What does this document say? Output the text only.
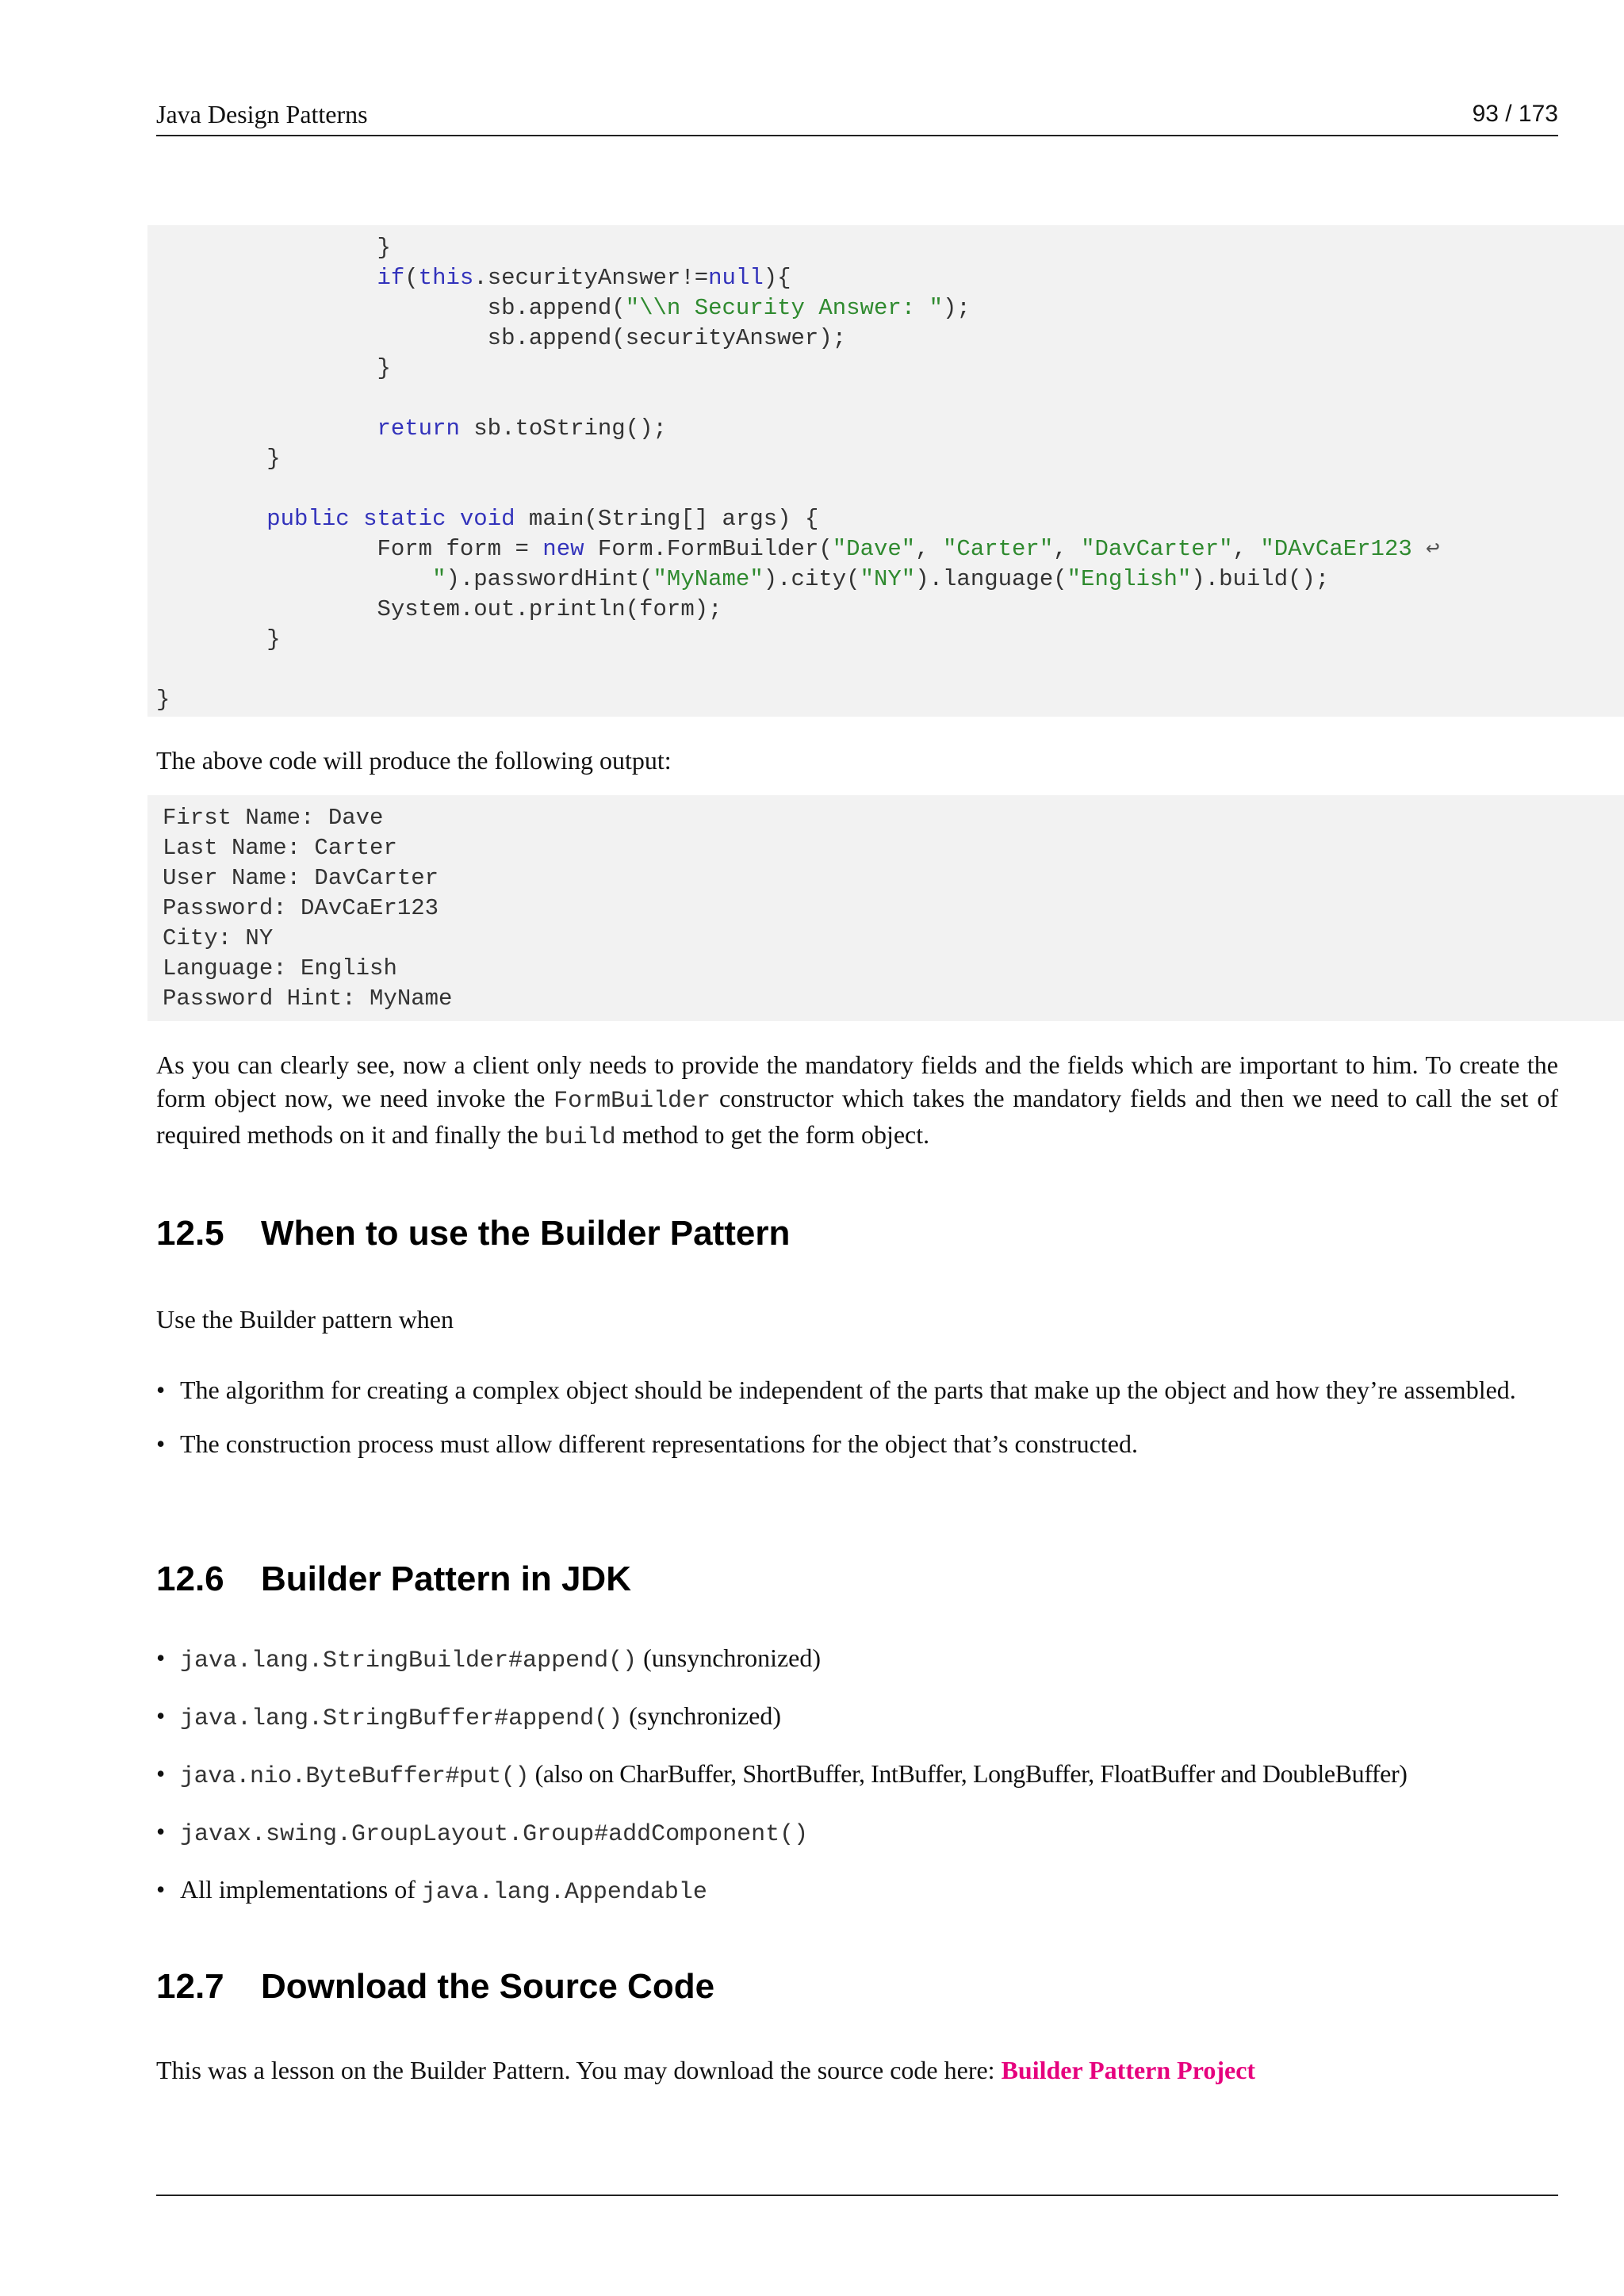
Java Design Patterns	93 / 173
}
if(this.securityAnswer!=null){
sb.append("\\n Security Answer: ");
sb.append(securityAnswer);
}
return sb.toString();
}
public static void main(String[] args) {
Form form = new Form.FormBuilder("Dave", "Carter", "DavCarter", "DAvCaEr123 ↩
").passwordHint("MyName").city("NY").language("English").build();
System.out.println(form);
}
}
The above code will produce the following output:
First Name: Dave
Last Name: Carter
User Name: DavCarter
Password: DAvCaEr123
City: NY
Language: English
Password Hint: MyName
As you can clearly see, now a client only needs to provide the mandatory fields and the fields which are important to him. To create the form object now, we need invoke the FormBuilder constructor which takes the mandatory fields and then we need to call the set of required methods on it and finally the build method to get the form object.
12.5 When to use the Builder Pattern
Use the Builder pattern when
• The algorithm for creating a complex object should be independent of the parts that make up the object and how they’re assembled.
• The construction process must allow different representations for the object that’s constructed.
12.6 Builder Pattern in JDK
• java.lang.StringBuilder#append() (unsynchronized)
• java.lang.StringBuffer#append() (synchronized)
• java.nio.ByteBuffer#put() (also on CharBuffer, ShortBuffer, IntBuffer, LongBuffer, FloatBuffer and DoubleBuffer)
• javax.swing.GroupLayout.Group#addComponent()
• All implementations of java.lang.Appendable
12.7 Download the Source Code
This was a lesson on the Builder Pattern. You may download the source code here: Builder Pattern Project
